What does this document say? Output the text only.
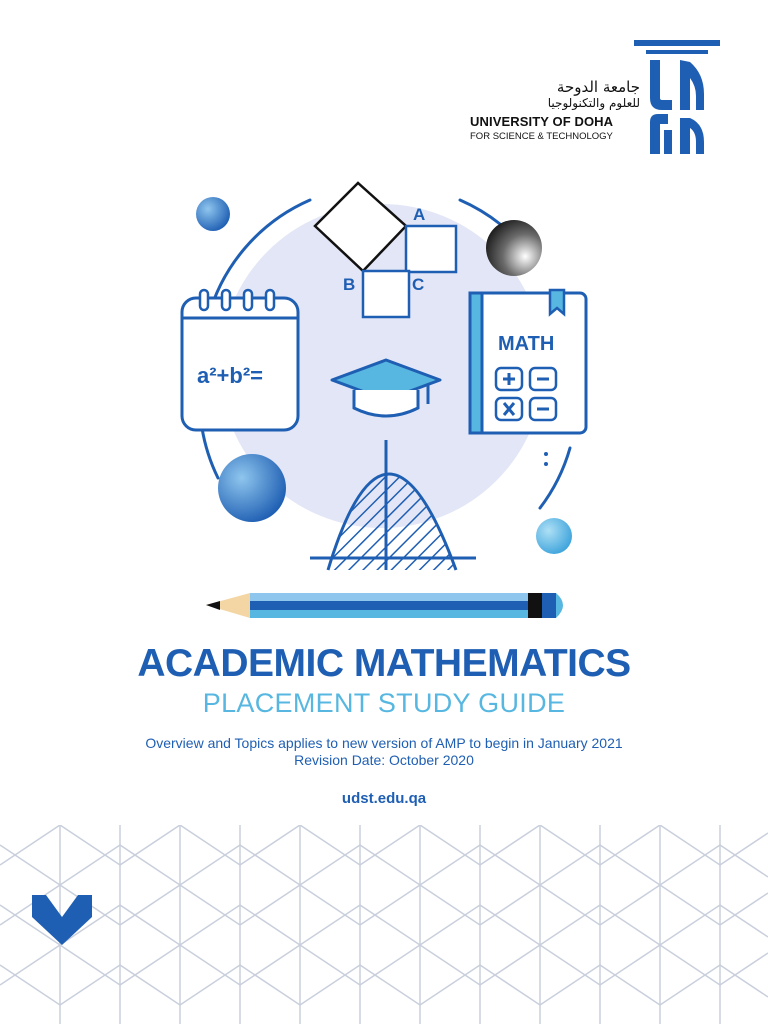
جامعة الدوحة
للعلوم والتكنولوجيا
UNIVERSITY OF DOHA
FOR SCIENCE & TECHNOLOGY
A
B	C
a²+b²=
MATH
ACADEMIC MATHEMATICS
PLACEMENT STUDY GUIDE
Overview and Topics applies to new version of AMP to begin in January 2021
Revision Date: October 2020
udst.edu.qa
